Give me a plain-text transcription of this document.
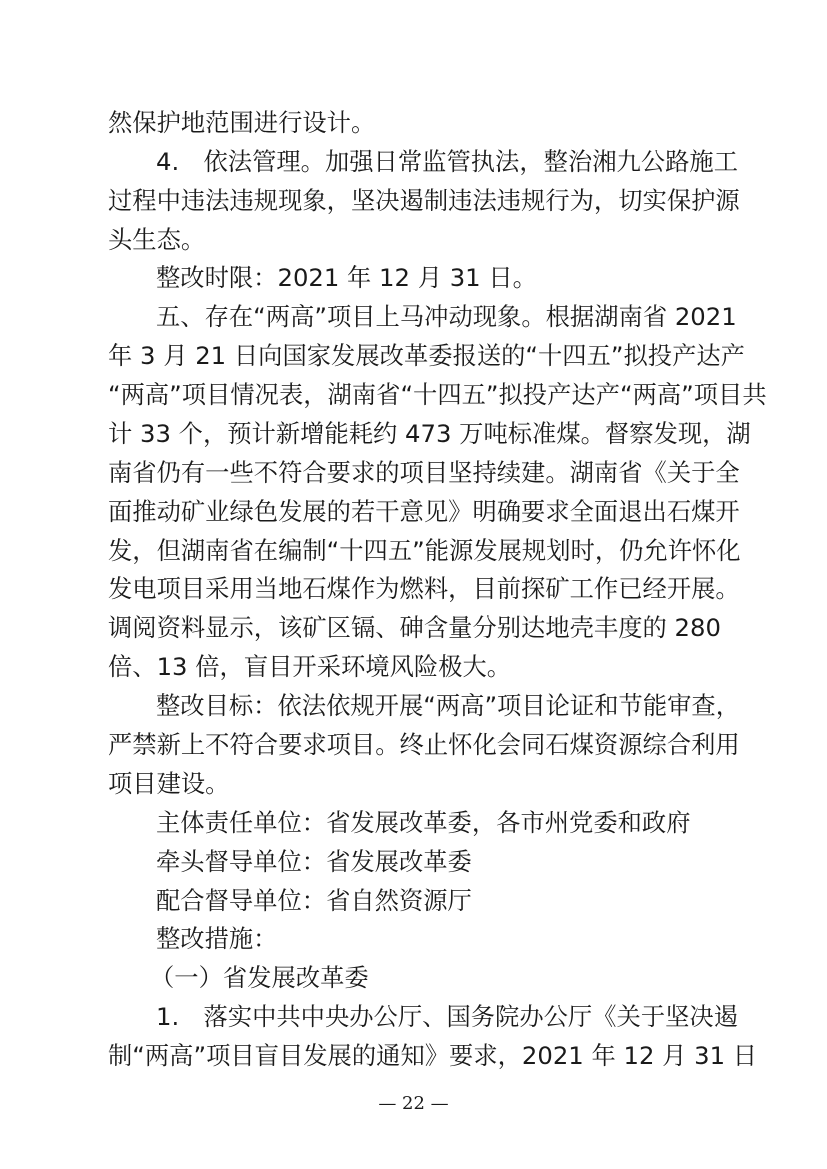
然保护地范围进行设计。
4.　依法管理。加强日常监管执法，整治湘九公路施工
过程中违法违规现象，坚决遏制违法违规行为，切实保护源
头生态。
整改时限：2021 年 12 月 31 日。
五、存在“两高”项目上马冲动现象。根据湖南省 2021
年 3 月 21 日向国家发展改革委报送的“十四五”拟投产达产
“两高”项目情况表，湖南省“十四五”拟投产达产“两高”项目共
计 33 个，预计新增能耗约 473 万吨标准煤。督察发现，湖
南省仍有一些不符合要求的项目坚持续建。湖南省《关于全
面推动矿业绿色发展的若干意见》明确要求全面退出石煤开
发，但湖南省在编制“十四五”能源发展规划时，仍允许怀化
发电项目采用当地石煤作为燃料，目前探矿工作已经开展。
调阅资料显示，该矿区镉、砷含量分别达地壳丰度的 280
倍、13 倍，盲目开采环境风险极大。
整改目标：依法依规开展“两高”项目论证和节能审查，
严禁新上不符合要求项目。终止怀化会同石煤资源综合利用
项目建设。
主体责任单位：省发展改革委，各市州党委和政府
牵头督导单位：省发展改革委
配合督导单位：省自然资源厅
整改措施：
（一）省发展改革委
1.　落实中共中央办公厅、国务院办公厅《关于坚决遏
制“两高”项目盲目发展的通知》要求，2021 年 12 月 31 日
— 22 —
